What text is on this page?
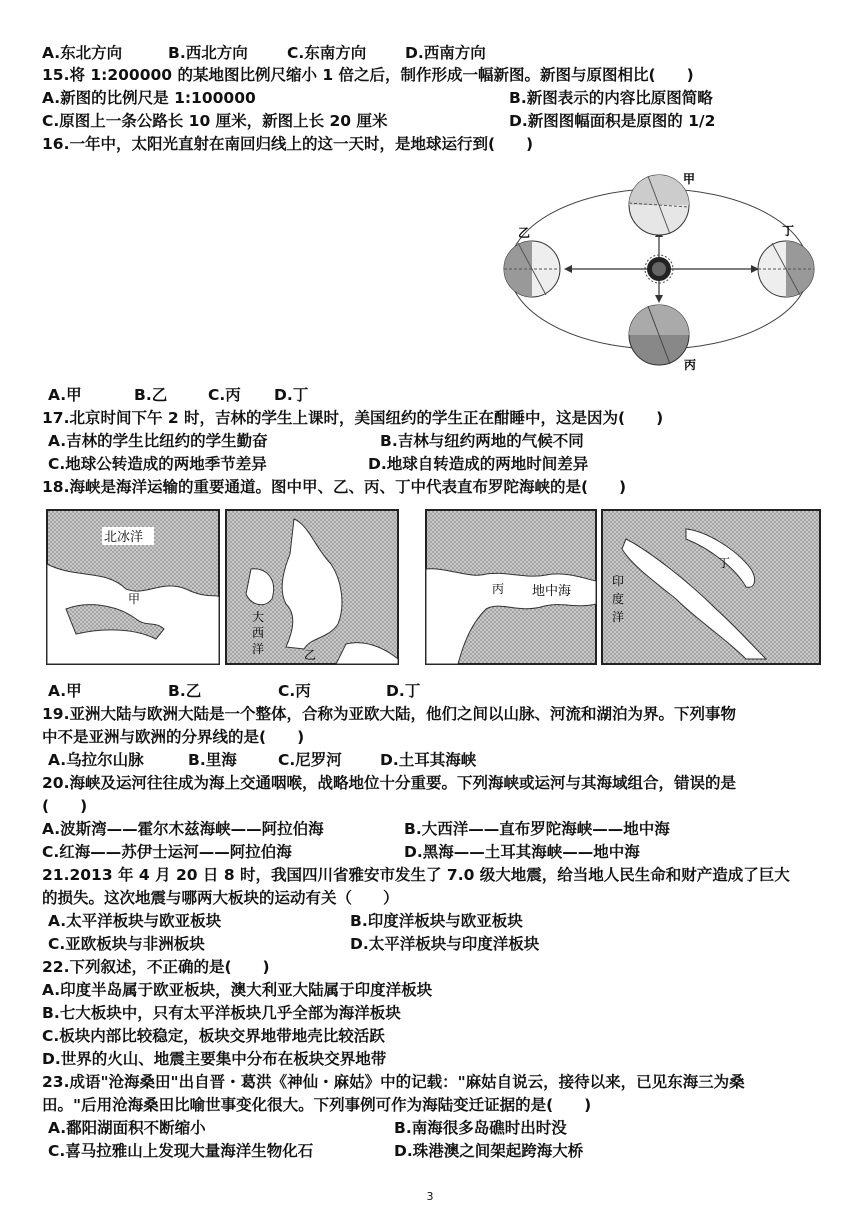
A.东北方向	B.西北方向	C.东南方向 D.西南方向
15.将 1:200000 的某地图比例尺缩小 1 倍之后，制作形成一幅新图。新图与原图相比(　　)
A.新图的比例尺是 1:100000	B.新图表示的内容比原图简略
C.原图上一条公路长 10 厘米，新图上长 20 厘米	D.新图图幅面积是原图的 1/2
16.一年中，太阳光直射在南回归线上的这一天时，是地球运行到(　　)
甲
乙	丁
丙
A.甲	B.乙	C.丙 D.丁
17.北京时间下午 2 时，吉林的学生上课时，美国纽约的学生正在酣睡中，这是因为(　　)
A.吉林的学生比纽约的学生勤奋	B.吉林与纽约两地的气候不同
C.地球公转造成的两地季节差异	D.地球自转造成的两地时间差异
18.海峡是海洋运输的重要通道。图中甲、乙、丙、丁中代表直布罗陀海峡的是(　　)
北冰洋
甲
大西洋	乙
地中海
丙
印
度
洋
丁
A.甲	B.乙	C.丙	D.丁
19.亚洲大陆与欧洲大陆是一个整体，合称为亚欧大陆，他们之间以山脉、河流和湖泊为界。下列事物
中不是亚洲与欧洲的分界线的是(　　)
A.乌拉尔山脉	B.里海	C.尼罗河 D.土耳其海峡
20.海峡及运河往往成为海上交通咽喉，战略地位十分重要。下列海峡或运河与其海域组合，错误的是
(　　)
A.波斯湾——霍尔木兹海峡——阿拉伯海	B.大西洋——直布罗陀海峡——地中海
C.红海——苏伊士运河——阿拉伯海	D.黑海——土耳其海峡——地中海
21.2013 年 4 月 20 日 8 时，我国四川省雅安市发生了 7.0 级大地震，给当地人民生命和财产造成了巨大
的损失。这次地震与哪两大板块的运动有关（　　）
A.太平洋板块与欧亚板块	B.印度洋板块与欧亚板块
C.亚欧板块与非洲板块	D.太平洋板块与印度洋板块
22.下列叙述，不正确的是(　　)
A.印度半岛属于欧亚板块，澳大利亚大陆属于印度洋板块
B.七大板块中，只有太平洋板块几乎全部为海洋板块
C.板块内部比较稳定，板块交界地带地壳比较活跃
D.世界的火山、地震主要集中分布在板块交界地带
23.成语"沧海桑田"出自晋・葛洪《神仙・麻姑》中的记载："麻姑自说云，接待以来，已见东海三为桑
田。"后用沧海桑田比喻世事变化很大。下列事例可作为海陆变迁证据的是(　　)
A.鄱阳湖面积不断缩小	B.南海很多岛礁时出时没
C.喜马拉雅山上发现大量海洋生物化石	D.珠港澳之间架起跨海大桥
3
